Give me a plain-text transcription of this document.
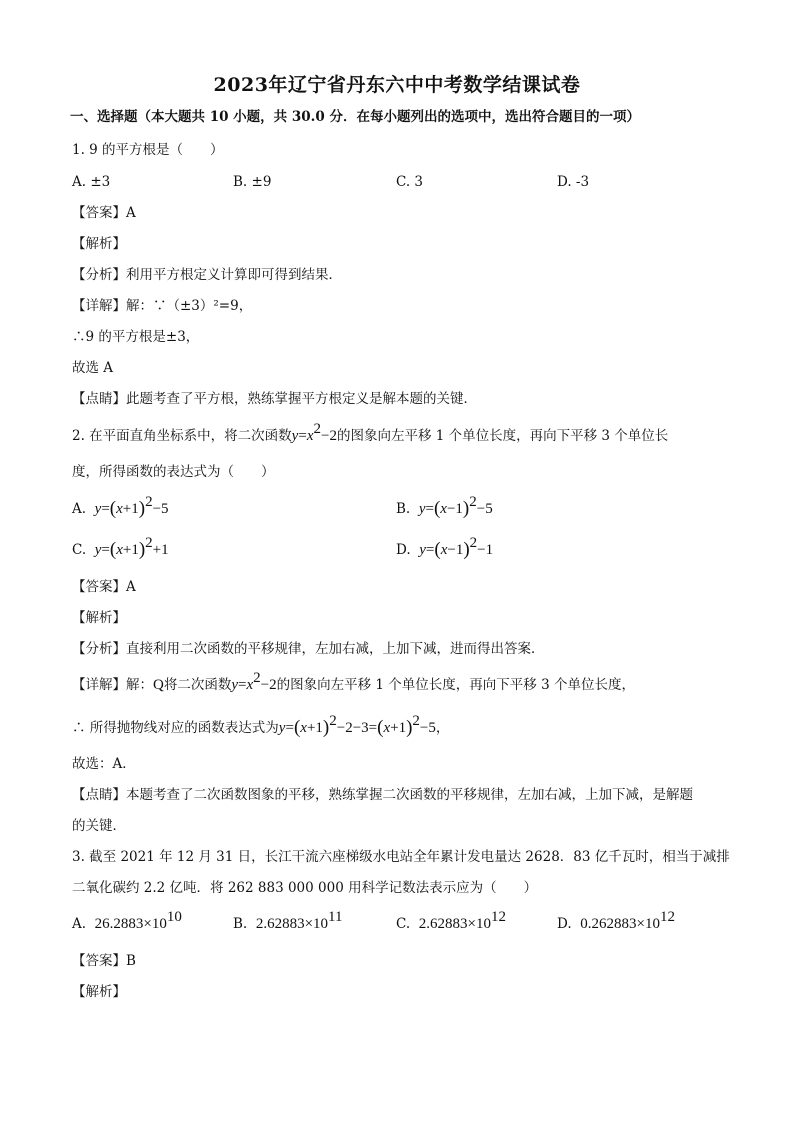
2023年辽宁省丹东六中中考数学结课试卷
一、选择题（本大题共 10 小题，共 30.0 分．在每小题列出的选项中，选出符合题目的一项）
1. 9 的平方根是（　　）
A. ±3	B. ±9	C. 3	D. -3
【答案】A
【解析】
【分析】利用平方根定义计算即可得到结果．
【详解】解：∵（±3）²=9，
∴9 的平方根是±3，
故选 A
【点睛】此题考查了平方根，熟练掌握平方根定义是解本题的关键．
2. 在平面直角坐标系中，将二次函数$y=x^2-2$的图象向左平移 1 个单位长度，再向下平移 3 个单位长
度，所得函数的表达式为（　　）
A. $y=(x+1)^2-5$	B. $y=(x-1)^2-5$
C. $y=(x+1)^2+1$	D. $y=(x-1)^2-1$
【答案】A
【解析】
【分析】直接利用二次函数的平移规律，左加右减，上加下减，进而得出答案．
【详解】解：Q将二次函数$y=x^2-2$的图象向左平移 1 个单位长度，再向下平移 3 个单位长度，
∴ 所得抛物线对应的函数表达式为$y=(x+1)^2-2-3=(x+1)^2-5$，
故选：A．
【点睛】本题考查了二次函数图象的平移，熟练掌握二次函数的平移规律，左加右减，上加下减，是解题
的关键．
3. 截至 2021 年 12 月 31 日，长江干流六座梯级水电站全年累计发电量达 2628．83 亿千瓦时，相当于减排
二氧化碳约 2.2 亿吨．将 262 883 000 000 用科学记数法表示应为（　　）
A. $26.2883\times 10^{10}$	B. $2.62883\times 10^{11}$	C. $2.62883\times 10^{12}$	D. $0.262883\times 10^{12}$
【答案】B
【解析】
